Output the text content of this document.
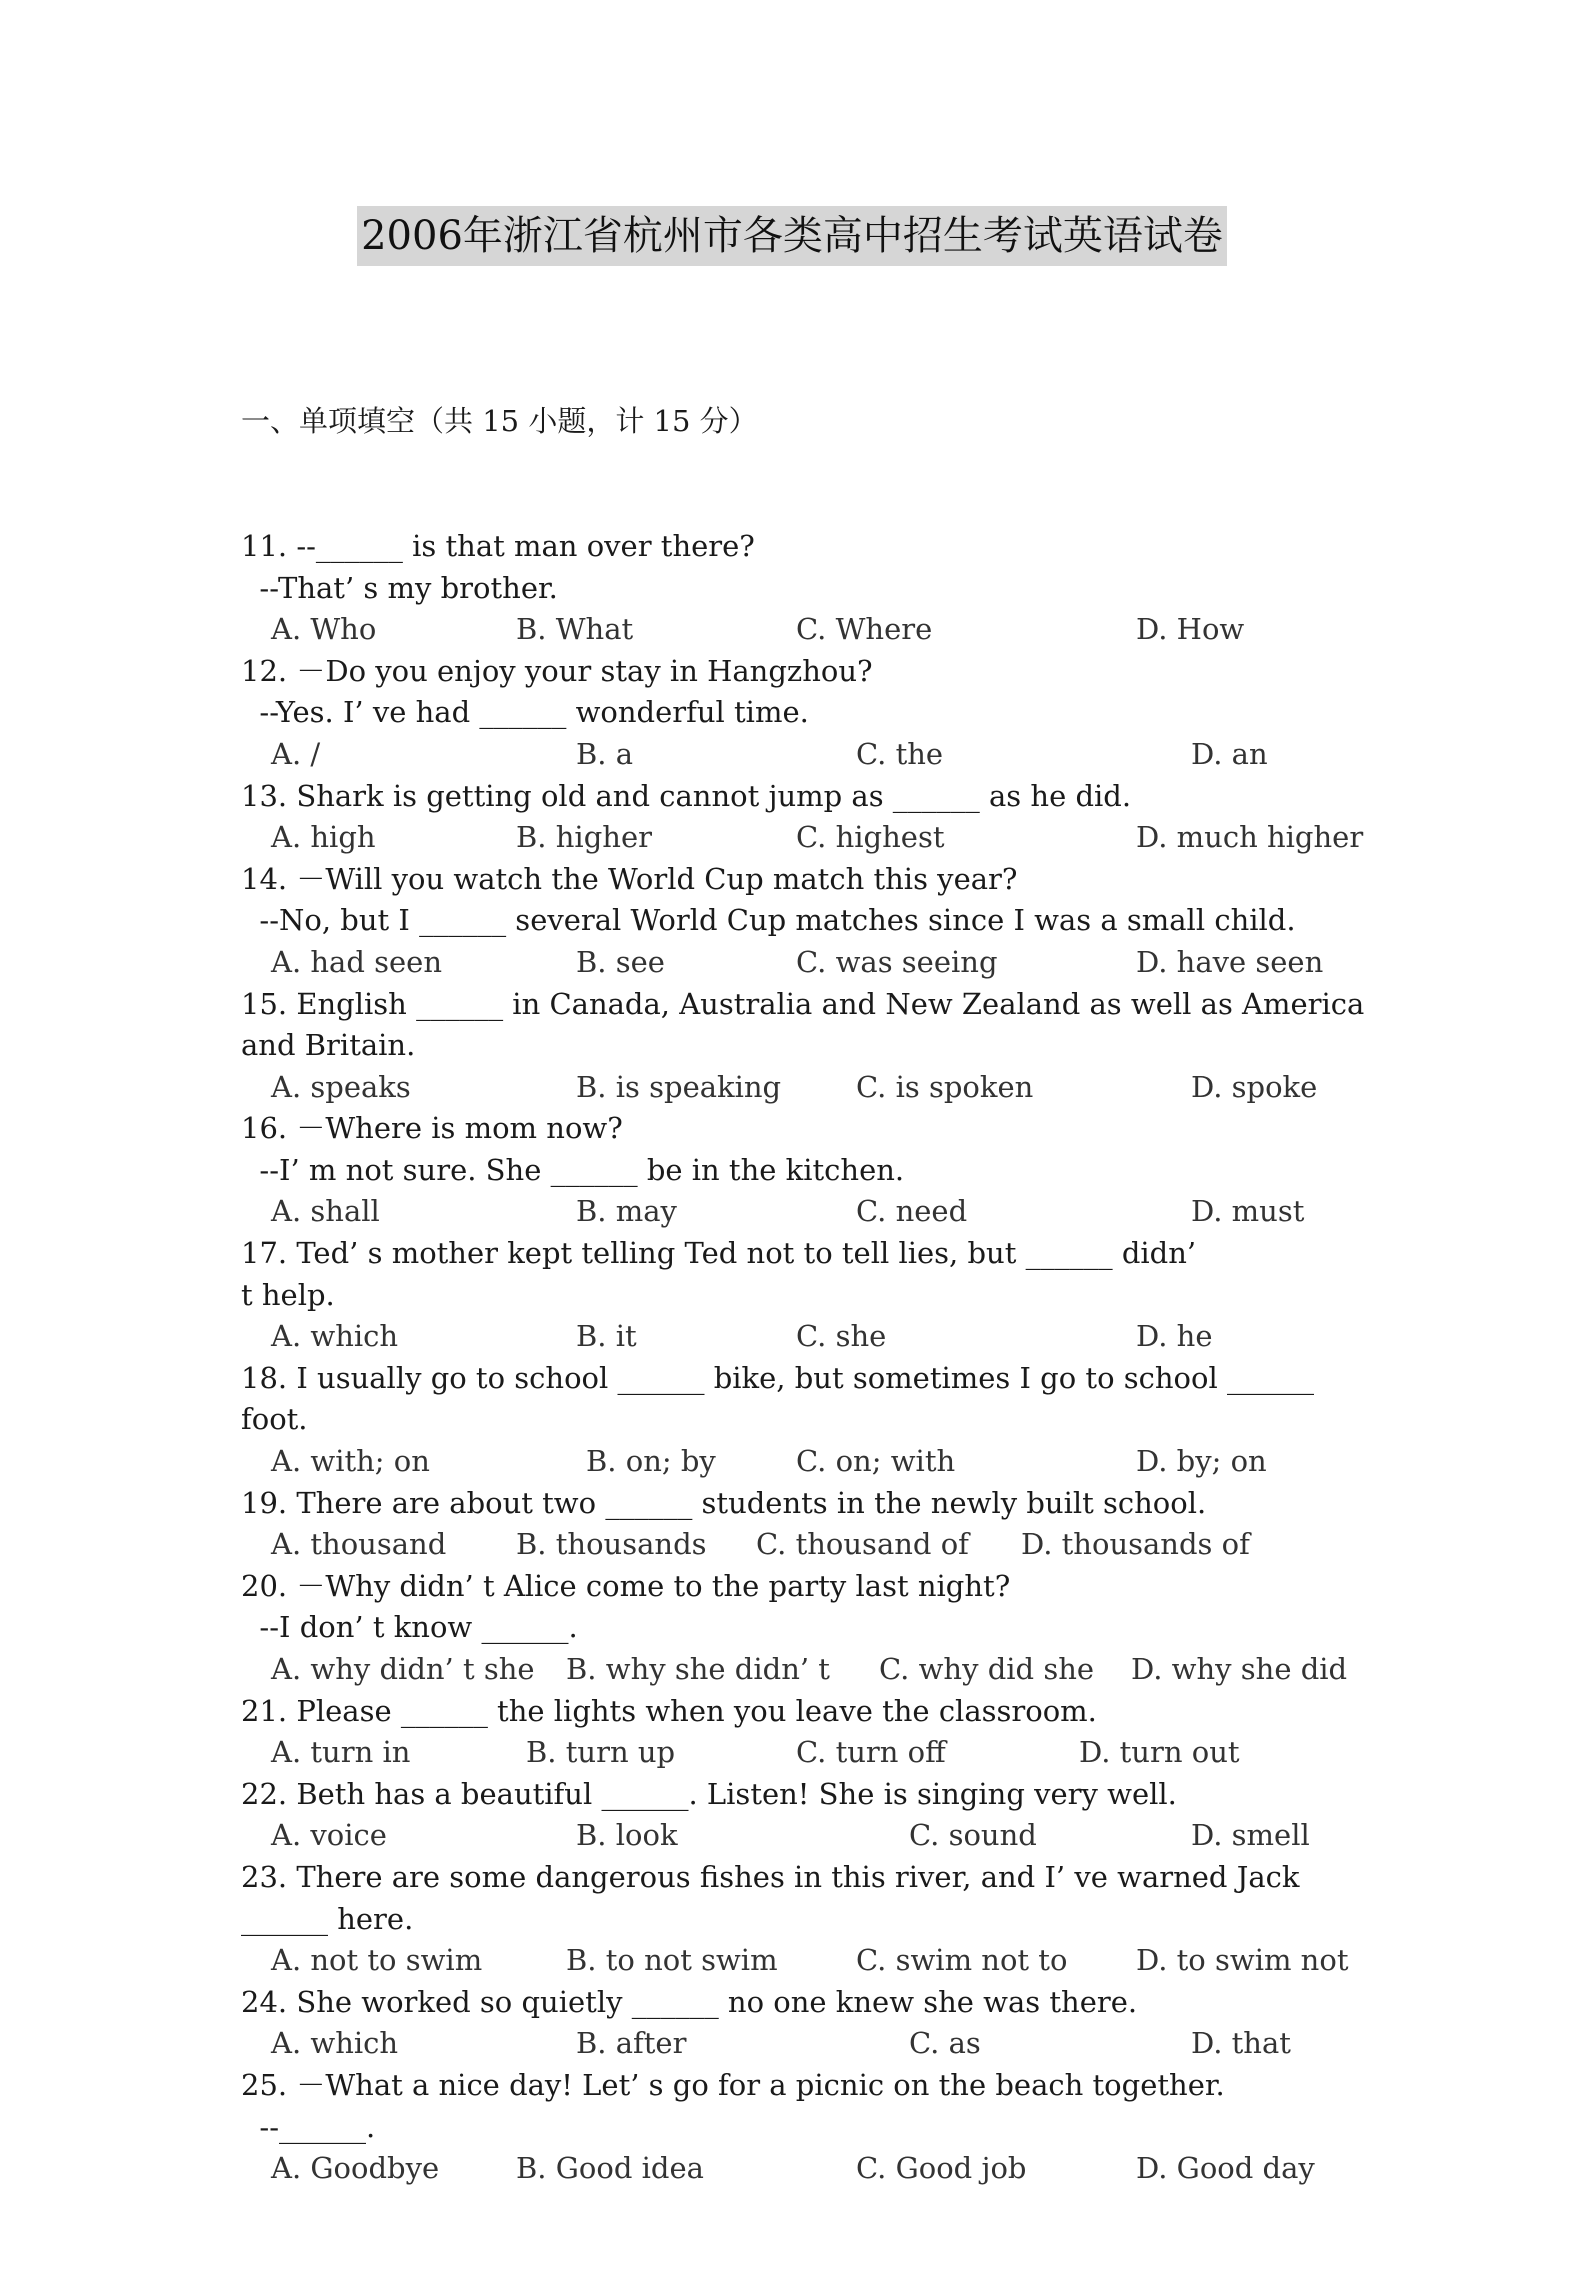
2006年浙江省杭州市各类高中招生考试英语试卷

一、单项填空（共 15 小题，计 15 分）

11. --______ is that man over there?
--That’ s my brother.
A. Who	B. What	C. Where	D. How
12. －Do you enjoy your stay in Hangzhou?
--Yes. I’ ve had ______ wonderful time.
A. /	B. a	C. the	D. an
13. Shark is getting old and cannot jump as ______ as he did.
A. high	B. higher	C. highest	D. much higher
14. －Will you watch the World Cup match this year?
--No, but I ______ several World Cup matches since I was a small child.
A. had seen	B. see	C. was seeing	D. have seen
15. English ______ in Canada, Australia and New Zealand as well as America
and Britain.
A. speaks	B. is speaking	C. is spoken	D. spoke
16. －Where is mom now?
--I’ m not sure. She ______ be in the kitchen.
A. shall	B. may	C. need	D. must
17. Ted’ s mother kept telling Ted not to tell lies, but ______ didn’
t help.
A. which	B. it	C. she	D. he
18. I usually go to school ______ bike, but sometimes I go to school ______
foot.
A. with; on	B. on; by	C. on; with	D. by; on
19. There are about two ______ students in the newly built school.
A. thousand B. thousands C. thousand of D. thousands of
20. －Why didn’ t Alice come to the party last night?
--I don’ t know ______.
A. why didn’ t she B. why she didn’ t C. why did she D. why she did
21. Please ______ the lights when you leave the classroom.
A. turn in	B. turn up	C. turn off	D. turn out
22. Beth has a beautiful ______. Listen! She is singing very well.
A. voice	B. look	C. sound	D. smell
23. There are some dangerous fishes in this river, and I’ ve warned Jack
______ here.
A. not to swim	B. to not swim	C. swim not to D. to swim not
24. She worked so quietly ______ no one knew she was there.
A. which	B. after	C. as	D. that
25. －What a nice day! Let’ s go for a picnic on the beach together.
--______.
A. Goodbye	B. Good idea	C. Good job	D. Good day
